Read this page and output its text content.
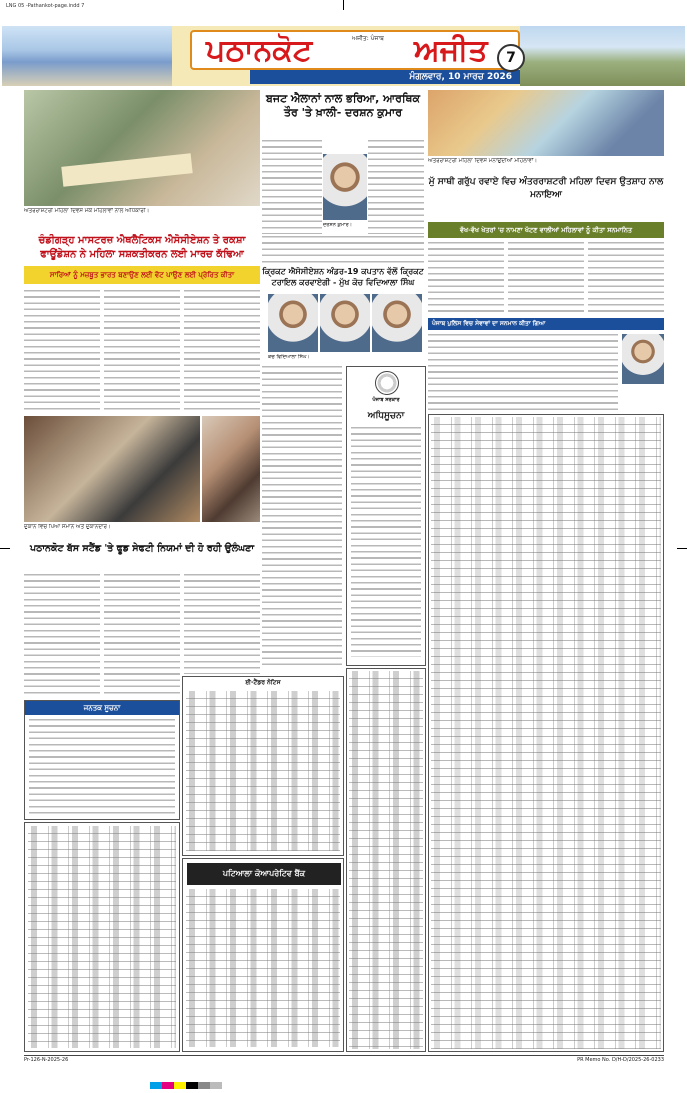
LNG 05 -Pathankot-page.indd 7
ਪਠਾਨਕੋਟ	ਅਜੀਤ: ਪੰਜਾਬ ਅਜੀਤ
ਮੰਗਲਵਾਰ, 10 ਮਾਰਚ 2026
7
ਅੰਤਰਰਾਸ਼ਟਰੀ ਮਹਿਲਾ ਦਿਵਸ ਮੌਕੇ ਮਹਿਲਾਵਾਂ ਨਾਲ ਅਧਿਕਾਰੀ।
ਬਜਟ ਐਲਾਨਾਂ ਨਾਲ ਭਰਿਆ, ਆਰਥਿਕ ਤੌਰ 'ਤੇ ਖ਼ਾਲੀ- ਦਰਸ਼ਨ ਕੁਮਾਰ
ਦਰਸ਼ਨ ਕੁਮਾਰ।
ਚੰਡੀਗੜ੍ਹ ਮਾਸਟਰਜ਼ ਐਥਲੈਟਿਕਸ ਐਸੋਸੀਏਸ਼ਨ ਤੇ ਰਕਸ਼ਾ ਫਾਊਂਡੇਸ਼ਨ ਨੇ ਮਹਿਲਾ ਸਸ਼ਕਤੀਕਰਨ ਲਈ ਮਾਰਚ ਕੱਢਿਆ
ਸਾਰਿਆਂ ਨੂੰ ਮਜ਼ਬੂਤ ਭਾਰਤ ਬਣਾਉਣ ਲਈ ਵੋਟ ਪਾਉਣ ਲਈ ਪ੍ਰੇਰਿਤ ਕੀਤਾ	ਕ੍ਰਿਕਟ ਐਸੋਸੀਏਸ਼ਨ ਅੰਡਰ-19 ਕਪਤਾਨ ਵੱਲੋਂ ਕ੍ਰਿਕਟ ਟਰਾਇਲ ਕਰਵਾਏਗੀ - ਮੁੱਖ ਕੋਚ ਵਿਦਿਆਲਾ ਸਿੰਘ
ਕੋਚ ਵਿਦਿਆਲਾ ਸਿੰਘ।
ਅੰਤਰਰਾਸ਼ਟਰੀ ਮਹਿਲਾ ਦਿਵਸ ਮਨਾਉਂਦੀਆਂ ਮਹਿਲਾਵਾਂ।
ਮੁੱ ਸਾਥੀ ਗਰੁੱਪ ਰਵਾਏ ਵਿਚ ਅੰਤਰਰਾਸ਼ਟਰੀ ਮਹਿਲਾ ਦਿਵਸ ਉਤਸ਼ਾਹ ਨਾਲ ਮਨਾਇਆ
ਵੱਖ-ਵੱਖ ਖੇਤਰਾਂ 'ਚ ਨਾਮਣਾ ਖੱਟਣ ਵਾਲੀਆਂ ਮਹਿਲਾਵਾਂ ਨੂੰ ਕੀਤਾ ਸਨਮਾਨਿਤ
ਪੰਜਾਬ ਪੁਲਿਸ ਵਿਚ ਸੇਵਾਵਾਂ ਦਾ ਸਨਮਾਨ ਕੀਤਾ ਗਿਆ
ਦੁਕਾਨ ਵਿਚ ਪਿਆ ਸਮਾਨ ਅਤੇ ਦੁਕਾਨਦਾਰ।
ਪਠਾਨਕੋਟ ਬੱਸ ਸਟੈਂਡ 'ਤੇ ਫੂਡ ਸੇਫਟੀ ਨਿਯਮਾਂ ਦੀ ਹੋ ਰਹੀ ਉਲੰਘਣਾ
ਪੰਜਾਬ ਸਰਕਾਰ
ਅਧਿਸੂਚਨਾ
ਜਨਤਕ ਸੂਚਨਾ
ਈ-ਟੈਂਡਰ ਨੋਟਿਸ
ਪਟਿਆਲਾ ਕੋਆਪਰੇਟਿਵ ਬੈਂਕ
Pr-126-N-2025-26	PR Memo No. D/H-D/2025-26-0233
